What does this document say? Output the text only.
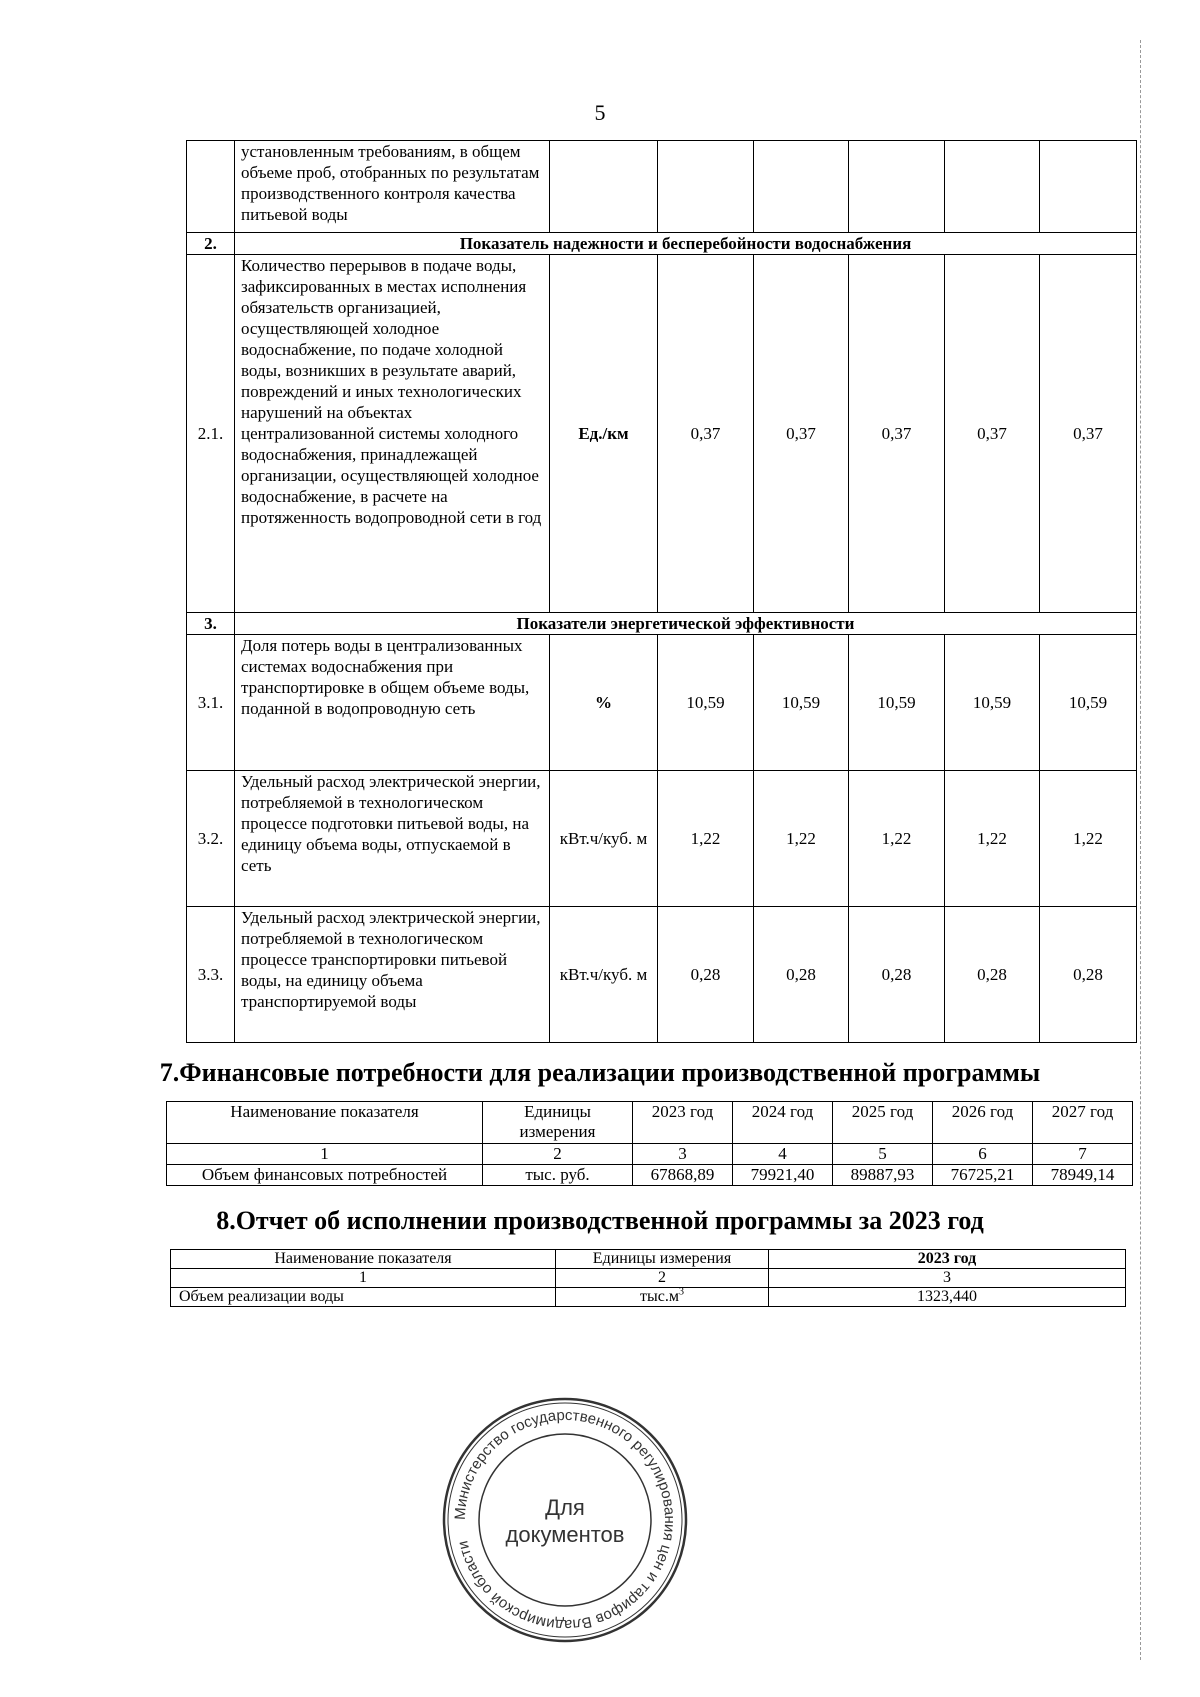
5
	установленным требованиям, в общем объеме проб, отобранных по результатам производственного контроля качества питьевой воды						
2.	Показатель надежности и бесперебойности водоснабжения						
2.1.	Количество перерывов в подаче воды, зафиксированных в местах исполнения обязательств организацией, осуществляющей холодное водоснабжение, по подаче холодной воды, возникших в результате аварий, повреждений и иных технологических нарушений на объектах централизованной системы холодного водоснабжения, принадлежащей организации, осуществляющей холодное водоснабжение, в расчете на протяженность водопроводной сети в год	Ед./км	0,37	0,37	0,37	0,37	0,37
3.	Показатели энергетической эффективности						
3.1.	Доля потерь воды в централизованных системах водоснабжения при транспортировке в общем объеме воды, поданной в водопроводную сеть	%	10,59	10,59	10,59	10,59	10,59
3.2.	Удельный расход электрической энергии, потребляемой в технологическом процессе подготовки питьевой воды, на единицу объема воды, отпускаемой в сеть	кВт.ч/куб. м	1,22	1,22	1,22	1,22	1,22
3.3.	Удельный расход электрической энергии, потребляемой в технологическом процессе транспортировки питьевой воды, на единицу объема транспортируемой воды	кВт.ч/куб. м	0,28	0,28	0,28	0,28	0,28
7.Финансовые потребности для реализации производственной программы
Наименование показателя	Единицы измерения	2023 год	2024 год	2025 год	2026 год	2027 год
1	2	3	4	5	6	7
Объем финансовых потребностей	тыс. руб.	67868,89	79921,40	89887,93	76725,21	78949,14
8.Отчет об исполнении производственной программы за 2023 год
Наименование показателя	Единицы измерения	2023 год
1	2	3
Объем реализации воды	$тыс.м^3$	1323,440
Министерство государственного регулирования цен и тарифов Владимирской области
Для
документов
